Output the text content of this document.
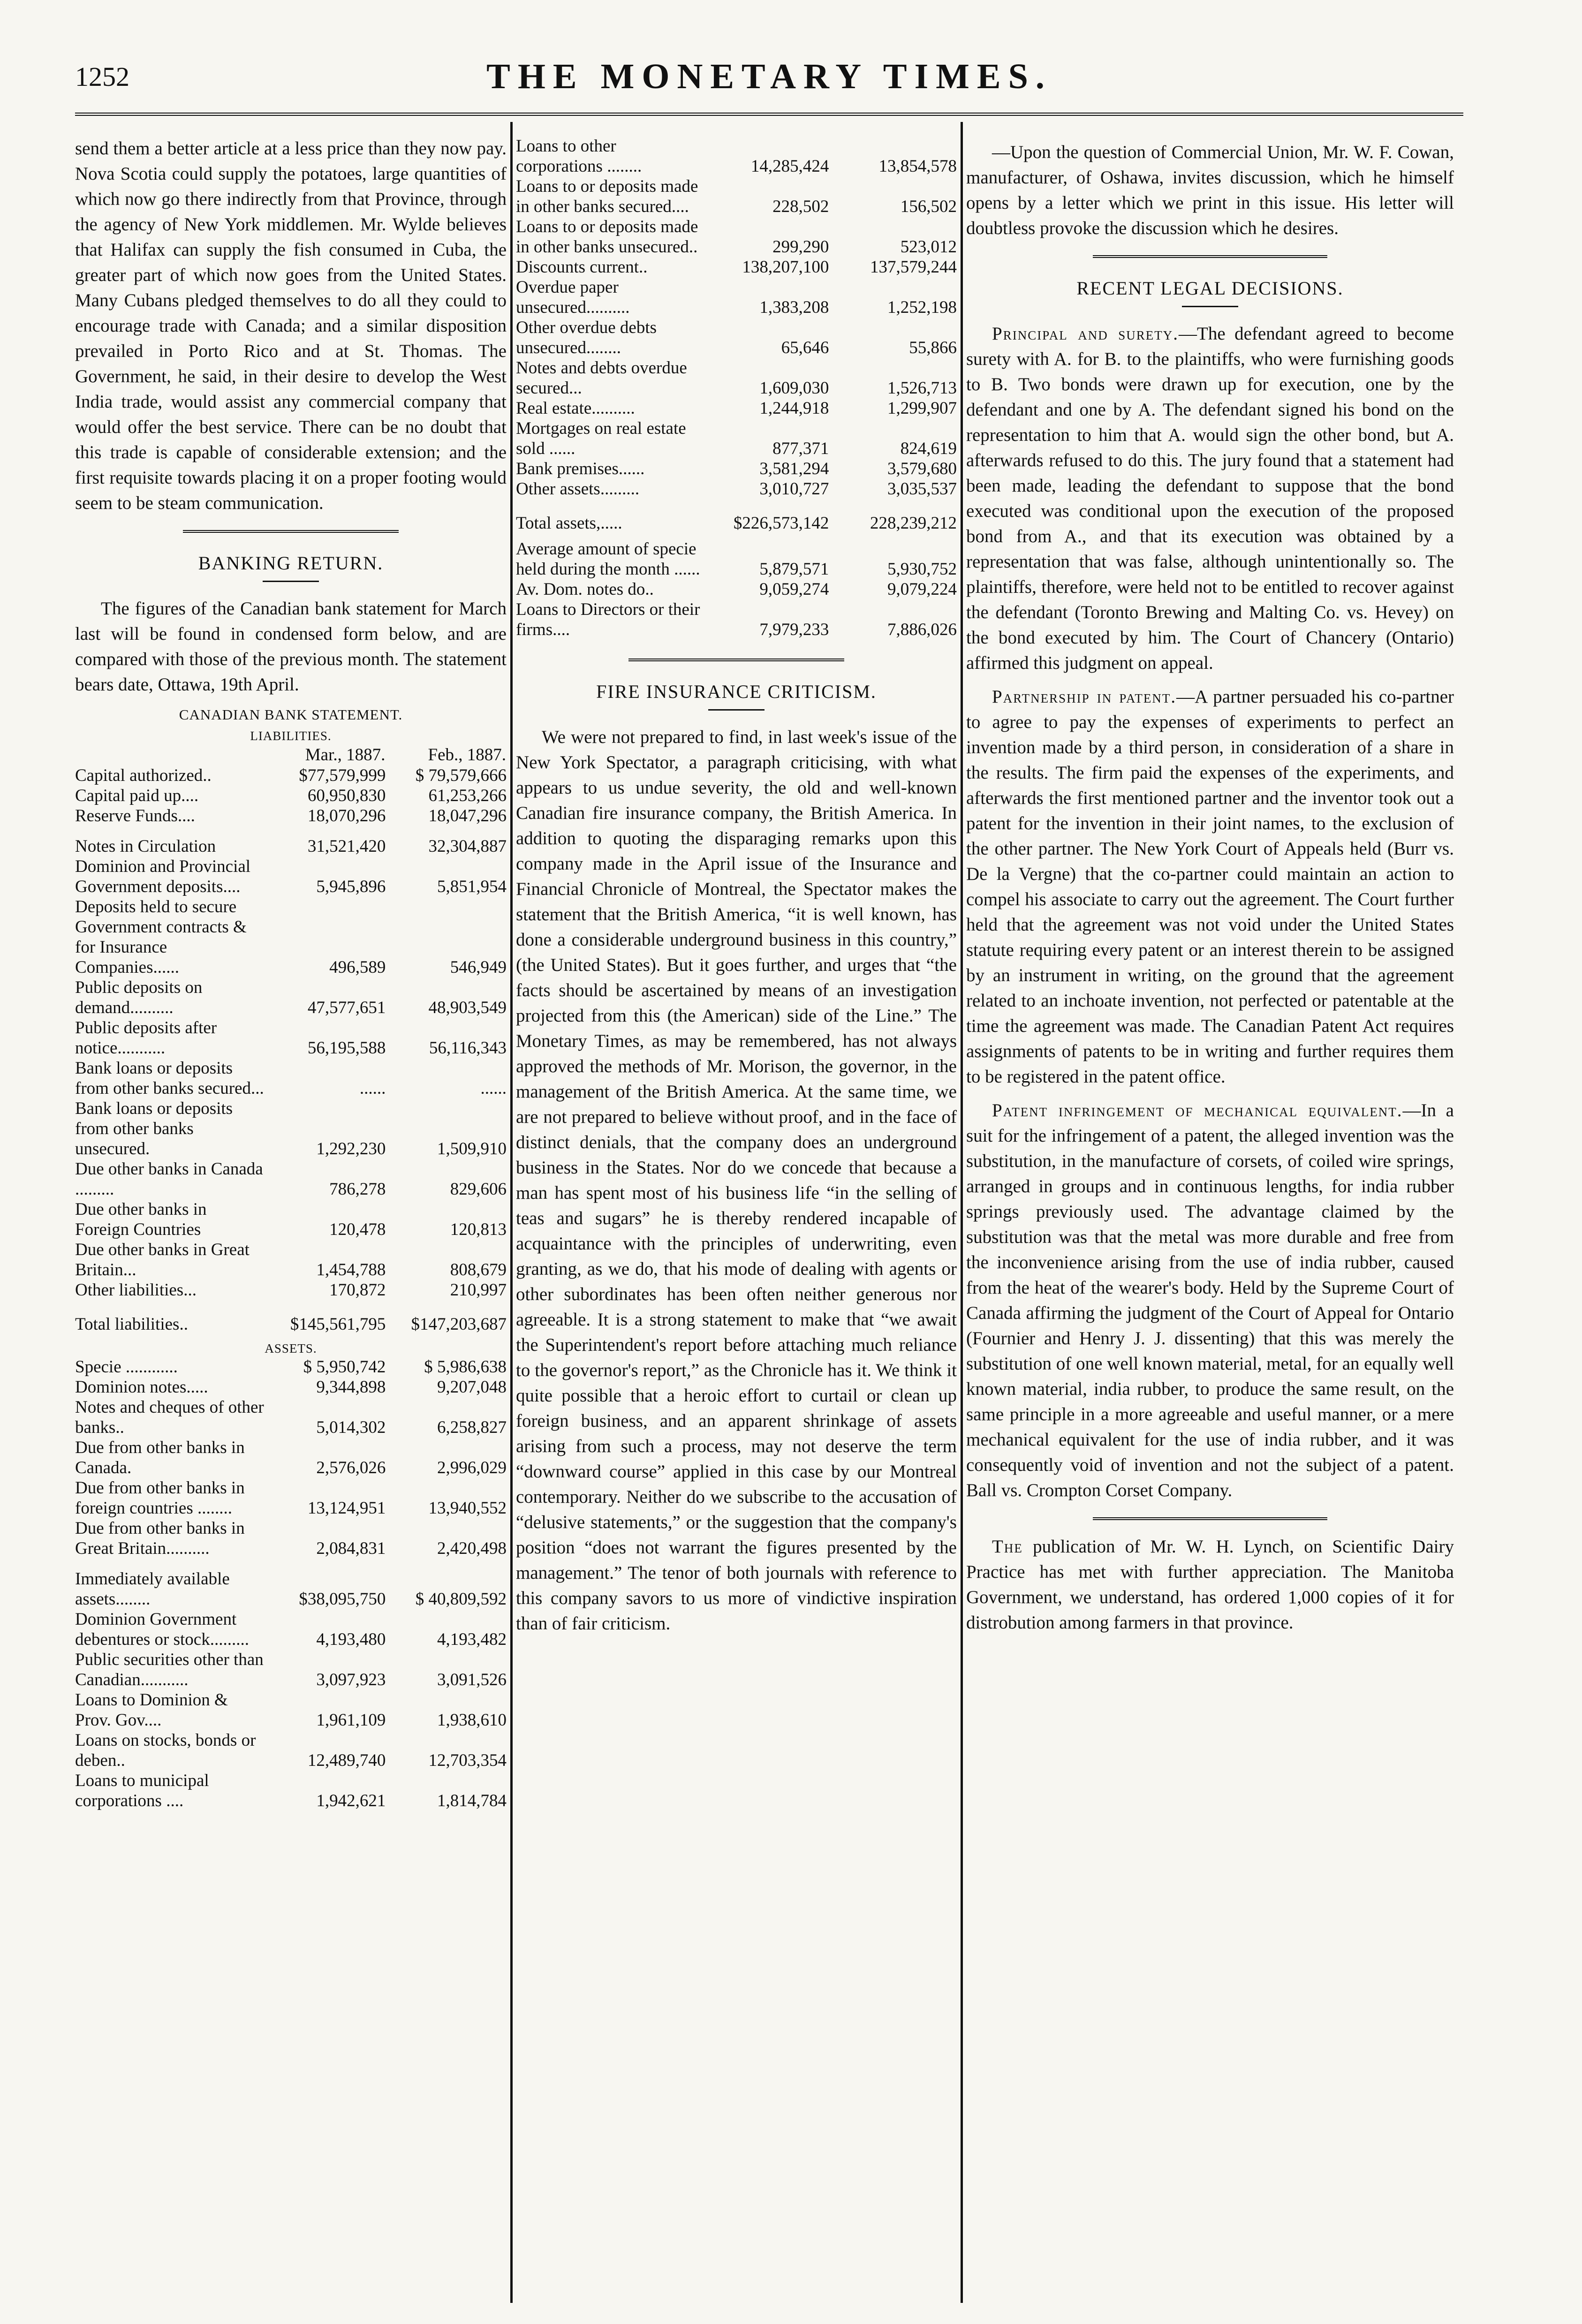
1252	THE MONETARY TIMES.

send them a better article at a less price than they now pay. Nova Scotia could supply the potatoes, large quantities of which now go there indirectly from that Province, through the agency of New York middlemen. Mr. Wylde believes that Halifax can supply the fish consumed in Cuba, the greater part of which now goes from the United States. Many Cubans pledged themselves to do all they could to encourage trade with Canada; and a similar disposition prevailed in Porto Rico and at St. Thomas. The Government, he said, in their desire to develop the West India trade, would assist any commercial company that would offer the best service. There can be no doubt that this trade is capable of considerable extension; and the first requisite towards placing it on a proper footing would seem to be steam communication.

BANKING RETURN.

The figures of the Canadian bank statement for March last will be found in condensed form below, and are compared with those of the previous month. The statement bears date, Ottawa, 19th April.

CANADIAN BANK STATEMENT.
LIABILITIES.
	Mar., 1887.	Feb., 1887.
Capital authorized..	$77,579,999	$ 79,579,666
Capital paid up....	60,950,830	61,253,266
Reserve Funds....	18,070,296	18,047,296
Notes in Circulation	31,521,420	32,304,887
Dominion and Provincial Government deposits....	5,945,896	5,851,954
Deposits held to secure Government contracts & for Insurance Companies......	496,589	546,949
Public deposits on demand..........	47,577,651	48,903,549
Public deposits after notice...........	56,195,588	56,116,343
Bank loans or deposits from other banks secured...	......	......
Bank loans or deposits from other banks unsecured.	1,292,230	1,509,910
Due other banks in Canada .........	786,278	829,606
Due other banks in Foreign Countries	120,478	120,813
Due other banks in Great Britain...	1,454,788	808,679
Other liabilities...	170,872	210,997
Total liabilities..	$145,561,795	$147,203,687
ASSETS.
Specie ............	$ 5,950,742	$ 5,986,638
Dominion notes.....	9,344,898	9,207,048
Notes and cheques of other banks..	5,014,302	6,258,827
Due from other banks in Canada.	2,576,026	2,996,029
Due from other banks in foreign countries ........	13,124,951	13,940,552
Due from other banks in Great Britain..........	2,084,831	2,420,498
Immediately available assets........	$38,095,750	$ 40,809,592
Dominion Government debentures or stock.........	4,193,480	4,193,482
Public securities other than Canadian...........	3,097,923	3,091,526
Loans to Dominion & Prov. Gov....	1,961,109	1,938,610
Loans on stocks, bonds or deben..	12,489,740	12,703,354
Loans to municipal corporations ....	1,942,621	1,814,784
Loans to other corporations ........	14,285,424	13,854,578
Loans to or deposits made in other banks secured....	228,502	156,502
Loans to or deposits made in other banks unsecured..	299,290	523,012
Discounts current..	138,207,100	137,579,244
Overdue paper unsecured..........	1,383,208	1,252,198
Other overdue debts unsecured........	65,646	55,866
Notes and debts overdue secured...	1,609,030	1,526,713
Real estate..........	1,244,918	1,299,907
Mortgages on real estate sold ......	877,371	824,619
Bank premises......	3,581,294	3,579,680
Other assets.........	3,010,727	3,035,537
Total assets,.....	$226,573,142	228,239,212
Average amount of specie held during the month ......	5,879,571	5,930,752
Av. Dom. notes do..	9,059,274	9,079,224
Loans to Directors or their firms....	7,979,233	7,886,026
FIRE INSURANCE CRITICISM.

We were not prepared to find, in last week's issue of the New York Spectator, a paragraph criticising, with what appears to us undue severity, the old and well-known Canadian fire insurance company, the British America. In addition to quoting the disparaging remarks upon this company made in the April issue of the Insurance and Financial Chronicle of Montreal, the Spectator makes the statement that the British America, “it is well known, has done a considerable underground business in this country,” (the United States). But it goes further, and urges that “the facts should be ascertained by means of an investigation projected from this (the American) side of the Line.” The Monetary Times, as may be remembered, has not always approved the methods of Mr. Morison, the governor, in the management of the British America. At the same time, we are not prepared to believe without proof, and in the face of distinct denials, that the company does an underground business in the States. Nor do we concede that because a man has spent most of his business life “in the selling of teas and sugars” he is thereby rendered incapable of acquaintance with the principles of underwriting, even granting, as we do, that his mode of dealing with agents or other subordinates has been often neither generous nor agreeable. It is a strong statement to make that “we await the Superintendent's report before attaching much reliance to the governor's report,” as the Chronicle has it. We think it quite possible that a heroic effort to curtail or clean up foreign business, and an apparent shrinkage of assets arising from such a process, may not deserve the term “downward course” applied in this case by our Montreal contemporary. Neither do we subscribe to the accusation of “delusive statements,” or the suggestion that the company's position “does not warrant the figures presented by the management.” The tenor of both journals with reference to this company savors to us more of vindictive inspiration than of fair criticism.

—Upon the question of Commercial Union, Mr. W. F. Cowan, manufacturer, of Oshawa, invites discussion, which he himself opens by a letter which we print in this issue. His letter will doubtless provoke the discussion which he desires.

RECENT LEGAL DECISIONS.

Principal and surety.—The defendant agreed to become surety with A. for B. to the plaintiffs, who were furnishing goods to B. Two bonds were drawn up for execution, one by the defendant and one by A. The defendant signed his bond on the representation to him that A. would sign the other bond, but A. afterwards refused to do this. The jury found that a statement had been made, leading the defendant to suppose that the bond executed was conditional upon the execution of the proposed bond from A., and that its execution was obtained by a representation that was false, although unintentionally so. The plaintiffs, therefore, were held not to be entitled to recover against the defendant (Toronto Brewing and Malting Co. vs. Hevey) on the bond executed by him. The Court of Chancery (Ontario) affirmed this judgment on appeal.

Partnership in patent.—A partner persuaded his co-partner to agree to pay the expenses of experiments to perfect an invention made by a third person, in consideration of a share in the results. The firm paid the expenses of the experiments, and afterwards the first mentioned partner and the inventor took out a patent for the invention in their joint names, to the exclusion of the other partner. The New York Court of Appeals held (Burr vs. De la Vergne) that the co-partner could maintain an action to compel his associate to carry out the agreement. The Court further held that the agreement was not void under the United States statute requiring every patent or an interest therein to be assigned by an instrument in writing, on the ground that the agreement related to an inchoate invention, not perfected or patentable at the time the agreement was made. The Canadian Patent Act requires assignments of patents to be in writing and further requires them to be registered in the patent office.

Patent infringement of mechanical equivalent.—In a suit for the infringement of a patent, the alleged invention was the substitution, in the manufacture of corsets, of coiled wire springs, arranged in groups and in continuous lengths, for india rubber springs previously used. The advantage claimed by the substitution was that the metal was more durable and free from the inconvenience arising from the use of india rubber, caused from the heat of the wearer's body. Held by the Supreme Court of Canada affirming the judgment of the Court of Appeal for Ontario (Fournier and Henry J. J. dissenting) that this was merely the substitution of one well known material, metal, for an equally well known material, india rubber, to produce the same result, on the same principle in a more agreeable and useful manner, or a mere mechanical equivalent for the use of india rubber, and it was consequently void of invention and not the subject of a patent. Ball vs. Crompton Corset Company.

The publication of Mr. W. H. Lynch, on Scientific Dairy Practice has met with further appreciation. The Manitoba Government, we understand, has ordered 1,000 copies of it for distrobution among farmers in that province.
